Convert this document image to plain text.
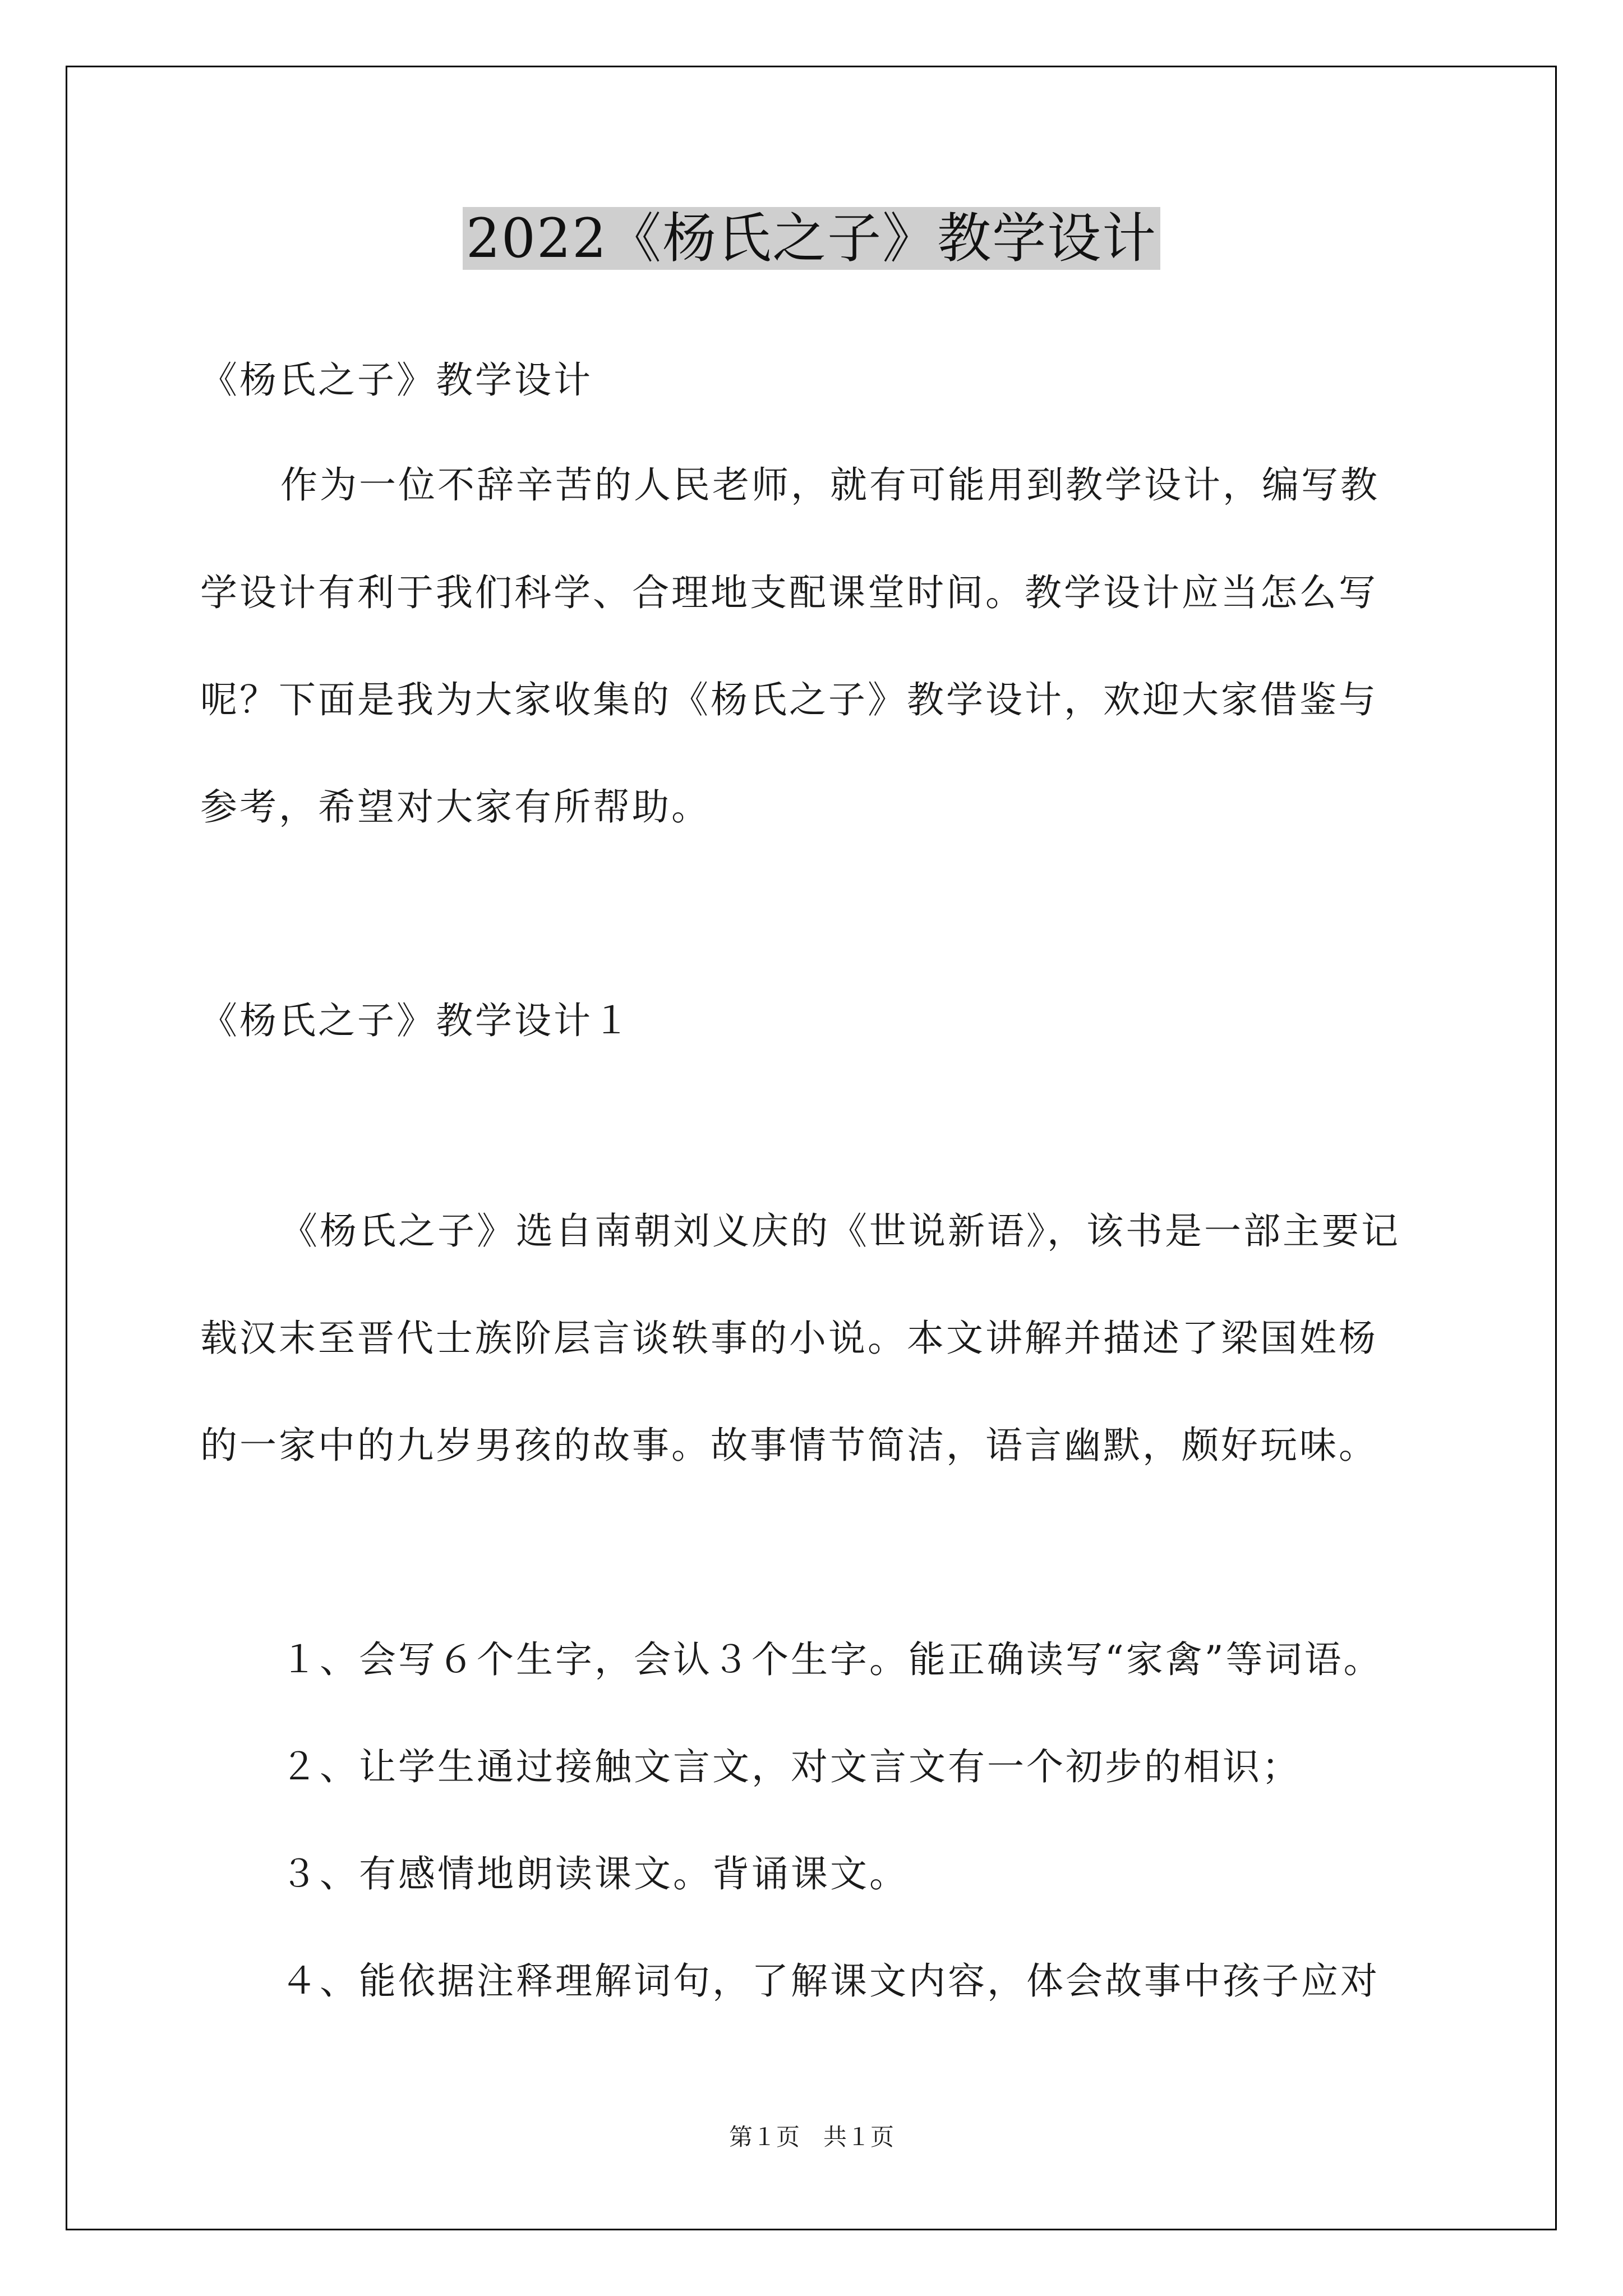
2022《杨氏之子》教学设计
《杨氏之子》教学设计
作为一位不辞辛苦的人民老师，就有可能用到教学设计，编写教
学设计有利于我们科学、合理地支配课堂时间。教学设计应当怎么写
呢？下面是我为大家收集的《杨氏之子》教学设计，欢迎大家借鉴与
参考，希望对大家有所帮助。
《杨氏之子》教学设计１
《杨氏之子》选自南朝刘义庆的《世说新语》，该书是一部主要记
载汉末至晋代士族阶层言谈轶事的小说。本文讲解并描述了梁国姓杨
的一家中的九岁男孩的故事。故事情节简洁，语言幽默，颇好玩味。
１、会写６个生字，会认３个生字。能正确读写“家禽”等词语。
２、让学生通过接触文言文，对文言文有一个初步的相识；
３、有感情地朗读课文。背诵课文。
４、能依据注释理解词句，了解课文内容，体会故事中孩子应对
第１页　共１页
